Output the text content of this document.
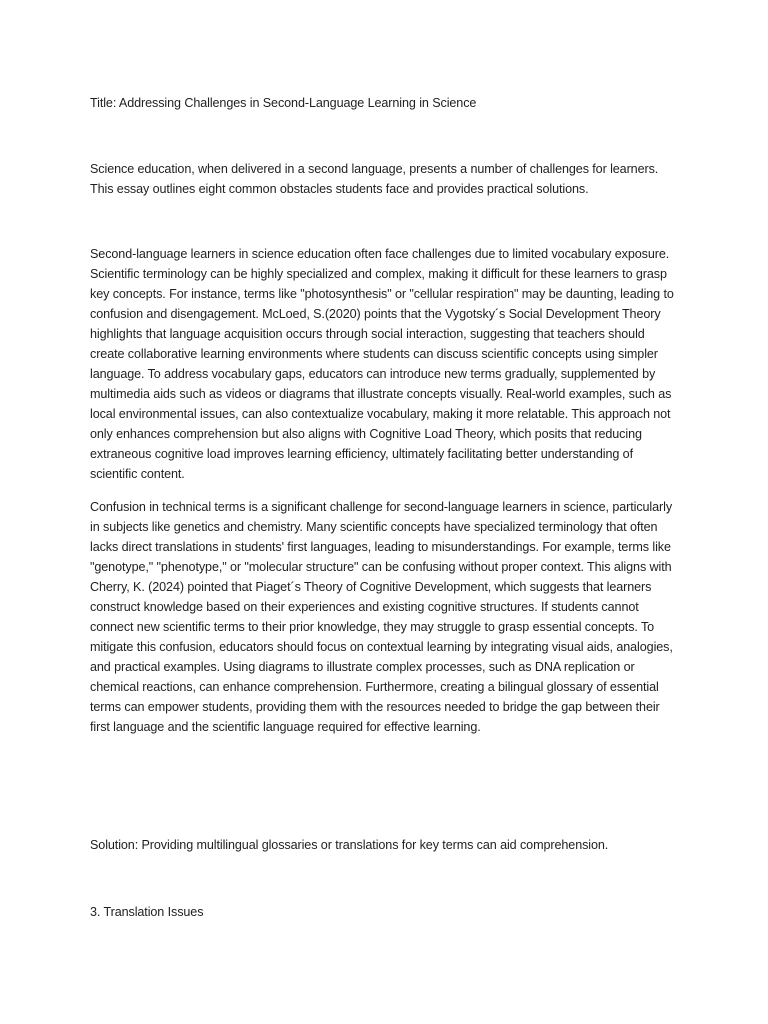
Title: Addressing Challenges in Second-Language Learning in Science

Science education, when delivered in a second language, presents a number of challenges for learners. This essay outlines eight common obstacles students face and provides practical solutions.

Second-language learners in science education often face challenges due to limited vocabulary exposure. Scientific terminology can be highly specialized and complex, making it difficult for these learners to grasp key concepts. For instance, terms like "photosynthesis" or "cellular respiration" may be daunting, leading to confusion and disengagement. McLoed, S.(2020) points that the Vygotsky´s Social Development Theory highlights that language acquisition occurs through social interaction, suggesting that teachers should create collaborative learning environments where students can discuss scientific concepts using simpler language. To address vocabulary gaps, educators can introduce new terms gradually, supplemented by multimedia aids such as videos or diagrams that illustrate concepts visually. Real-world examples, such as local environmental issues, can also contextualize vocabulary, making it more relatable. This approach not only enhances comprehension but also aligns with Cognitive Load Theory, which posits that reducing extraneous cognitive load improves learning efficiency, ultimately facilitating better understanding of scientific content.

Confusion in technical terms is a significant challenge for second-language learners in science, particularly in subjects like genetics and chemistry. Many scientific concepts have specialized terminology that often lacks direct translations in students' first languages, leading to misunderstandings. For example, terms like "genotype," "phenotype," or "molecular structure" can be confusing without proper context. This aligns with Cherry, K. (2024) pointed that Piaget´s Theory of Cognitive Development, which suggests that learners construct knowledge based on their experiences and existing cognitive structures. If students cannot connect new scientific terms to their prior knowledge, they may struggle to grasp essential concepts. To mitigate this confusion, educators should focus on contextual learning by integrating visual aids, analogies, and practical examples. Using diagrams to illustrate complex processes, such as DNA replication or chemical reactions, can enhance comprehension. Furthermore, creating a bilingual glossary of essential terms can empower students, providing them with the resources needed to bridge the gap between their first language and the scientific language required for effective learning.

Solution: Providing multilingual glossaries or translations for key terms can aid comprehension.

3. Translation Issues
